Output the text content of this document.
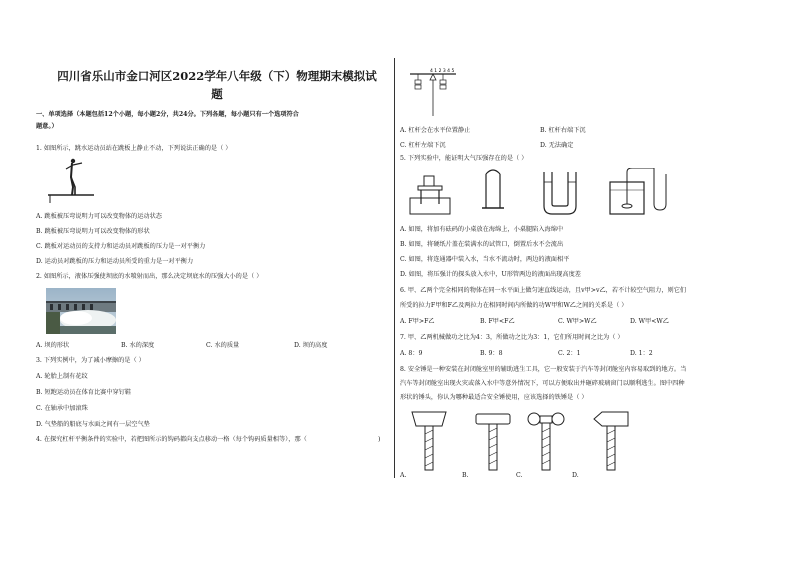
四川省乐山市金口河区2022学年八年级（下）物理期末模拟试
题
一、单项选择（本题包括12个小题，每小题2分，共24分。下列各题，每小题只有一个选项符合
题意。）
1. 如图所示，跳水运动员站在跳板上静止不动，下列说法正确的是（ ）
A. 跳板被压弯说明力可以改变物体的运动状态
B. 跳板被压弯说明力可以改变物体的形状
C. 跳板对运动员的支持力和运动员对跳板的压力是一对平衡力
D. 运动员对跳板的压力和运动员所受的重力是一对平衡力
2. 如图所示，液体压强使坝底的水喷射而出，那么决定坝底水的压强大小的是（ ）
A. 坝的形状	B. 水的深度	C. 水的质量	D. 坝的高度
3. 下列实例中，为了减小摩擦的是（ ）
A. 轮胎上制有花纹
B. 短跑运动员在体育比赛中穿钉鞋
C. 在轴承中加滚珠
D. 气垫船的船底与水面之间有一层空气垫
4. 在探究杠杆平衡条件的实验中，若把图所示的钩码都向支点移动一格（每个钩码质量相等），那（	)
4 1 2 3 4 5
A. 杠杆会在水平位置静止	B. 杠杆右端下沉
C. 杠杆左端下沉	D. 无法确定
5. 下列实验中，能证明大气压强存在的是（ ）
A. 如图，将加有砝码的小桌放在海绵上，小桌腿陷入海绵中
B. 如图，将硬纸片盖在装满水的试管口，倒置后水不会流出
C. 如图，将连通器中装入水，当水不流动时，两边的液面相平
D. 如图，将压强计的探头放入水中，U形管两边的液面出现高度差
6. 甲、乙两个完全相同的物体在同一水平面上做匀速直线运动，且v甲>v乙，若不计较空气阻力，则它们
所受的拉力F甲和F乙及两拉力在相同时间内所做的功W甲和W乙之间的关系是（ ）
A. F甲>F乙	B. F甲<F乙	C. W甲>W乙	D. W甲<W乙
7. 甲、乙两机械做功之比为4：3，所做功之比为3：1，它们所用时间之比为（ ）
A. 8：9	B. 9：8	C. 2：1	D. 1：2
8. 安全锤是一种安装在封闭舱室里的辅助逃生工具，它一般安装于汽车等封闭舱室内容易取到的地方。当
汽车等封闭舱室出现火灾或落入水中等意外情况下，可以方便取出并砸碎玻璃窗门以顺利逃生。图中四种
形状的锤头，你认为哪种最适合安全锤使用，应该选择的铁锤是（ ）
A.	B.	C.	D.
